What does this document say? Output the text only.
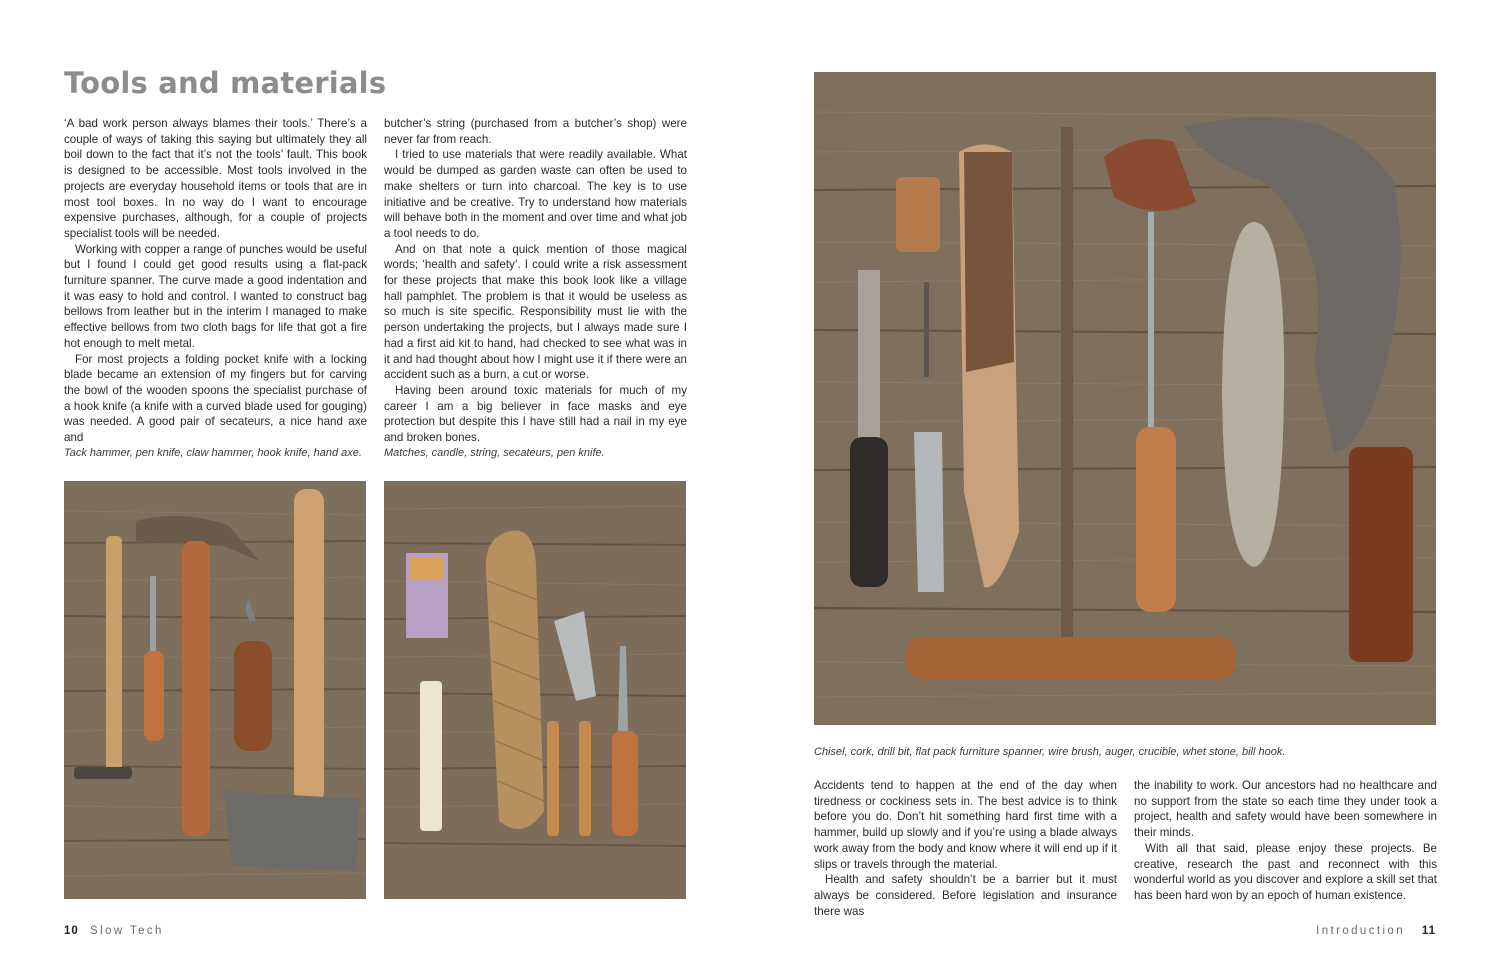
Tools and materials

‘A bad work person always blames their tools.’ There’s a couple of ways of taking this saying but ultimately they all boil down to the fact that it’s not the tools’ fault. This book is designed to be accessible. Most tools involved in the projects are everyday household items or tools that are in most tool boxes. In no way do I want to encourage expensive purchases, although, for a couple of projects specialist tools will be needed.

Working with copper a range of punches would be useful but I found I could get good results using a flat-pack furniture spanner. The curve made a good indentation and it was easy to hold and control. I wanted to construct bag bellows from leather but in the interim I managed to make effective bellows from two cloth bags for life that got a fire hot enough to melt metal.

For most projects a folding pocket knife with a locking blade became an extension of my fingers but for carving the bowl of the wooden spoons the specialist purchase of a hook knife (a knife with a curved blade used for gouging) was needed. A good pair of secateurs, a nice hand axe and

butcher’s string (purchased from a butcher’s shop) were never far from reach.

I tried to use materials that were readily available. What would be dumped as garden waste can often be used to make shelters or turn into charcoal. The key is to use initiative and be creative. Try to understand how materials will behave both in the moment and over time and what job a tool needs to do.

And on that note a quick mention of those magical words; ‘health and safety’. I could write a risk assessment for these projects that make this book look like a village hall pamphlet. The problem is that it would be useless as so much is site specific. Responsibility must lie with the person undertaking the projects, but I always made sure I had a first aid kit to hand, had checked to see what was in it and had thought about how I might use it if there were an accident such as a burn, a cut or worse.

Having been around toxic materials for much of my career I am a big believer in face masks and eye protection but despite this I have still had a nail in my eye and broken bones.

Tack hammer, pen knife, claw hammer, hook knife, hand axe. Matches, candle, string, secateurs, pen knife.
10 Slow Tech
Chisel, cork, drill bit, flat pack furniture spanner, wire brush, auger, crucible, whet stone, bill hook.

Accidents tend to happen at the end of the day when tiredness or cockiness sets in. The best advice is to think before you do. Don’t hit something hard first time with a hammer, build up slowly and if you’re using a blade always work away from the body and know where it will end up if it slips or travels through the material.

Health and safety shouldn’t be a barrier but it must always be considered. Before legislation and insurance there was

the inability to work. Our ancestors had no healthcare and no support from the state so each time they under took a project, health and safety would have been somewhere in their minds.

With all that said, please enjoy these projects. Be creative, research the past and reconnect with this wonderful world as you discover and explore a skill set that has been hard won by an epoch of human existence.

Introduction 11
